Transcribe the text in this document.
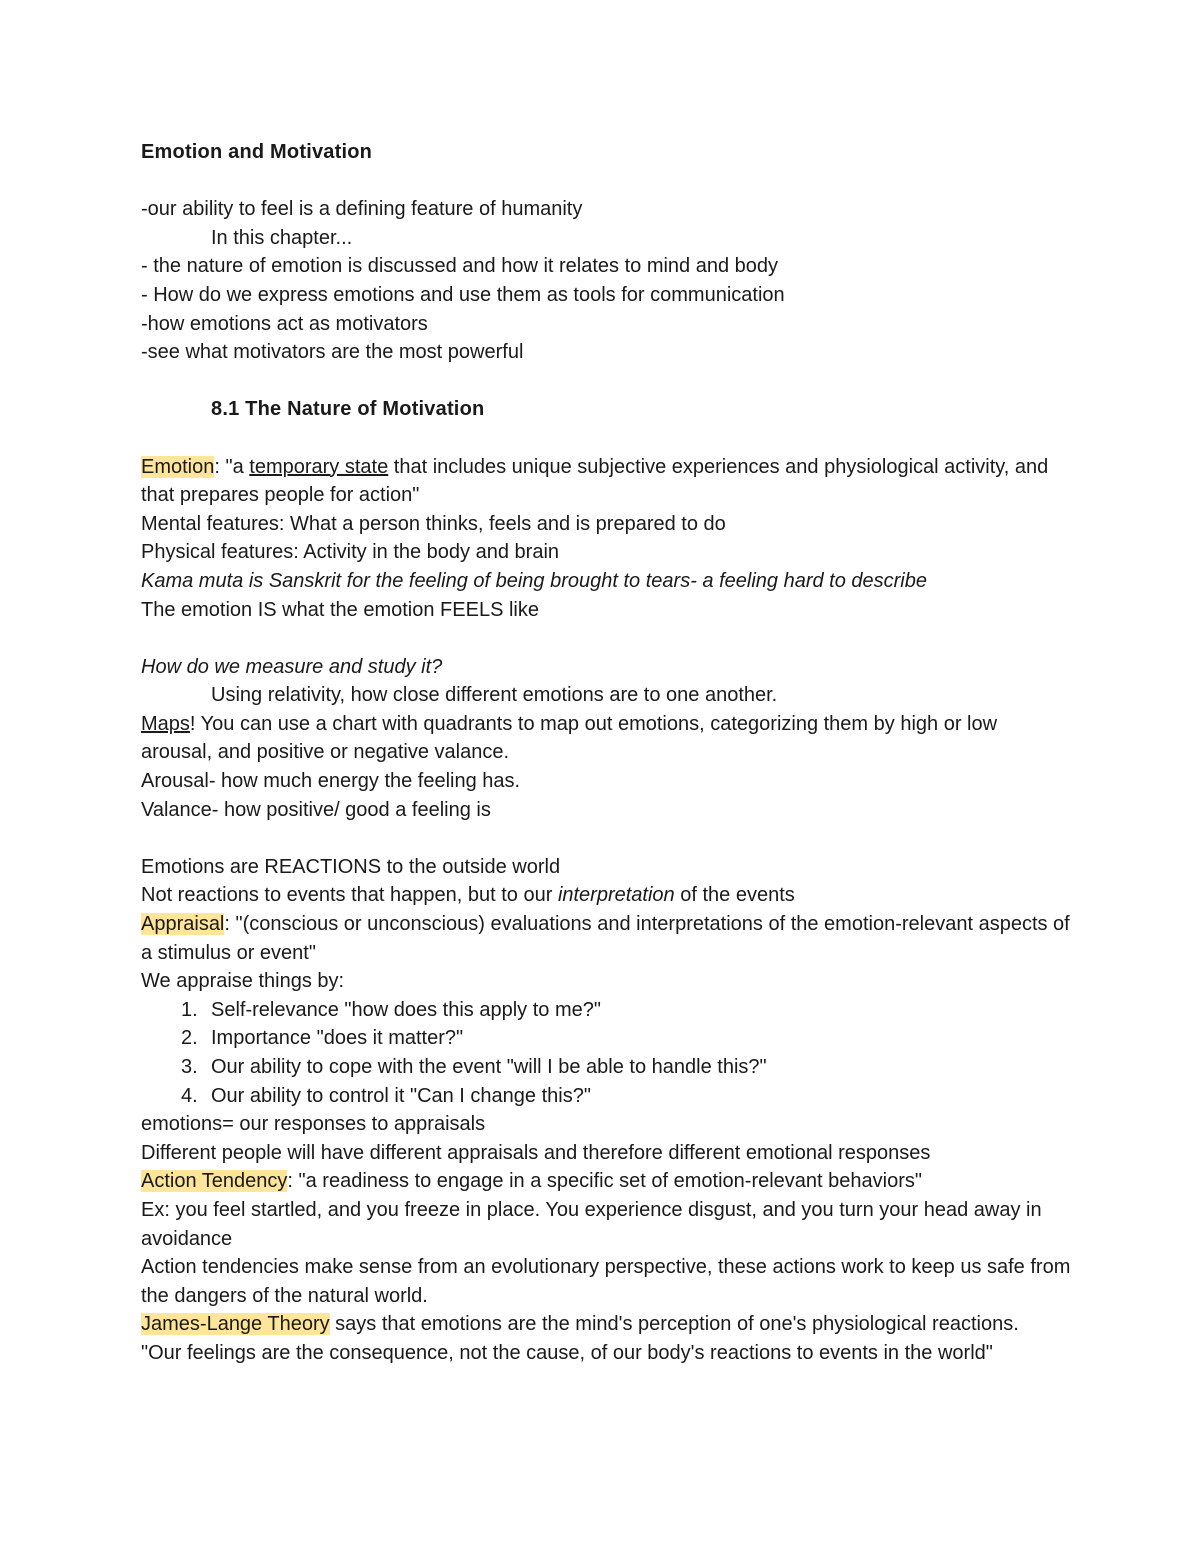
Emotion and Motivation
-our ability to feel is a defining feature of humanity
In this chapter...
- the nature of emotion is discussed and how it relates to mind and body
- How do we express emotions and use them as tools for communication
-how emotions act as motivators
-see what motivators are the most powerful
8.1 The Nature of Motivation
Emotion: "a temporary state that includes unique subjective experiences and physiological activity, and that prepares people for action"
Mental features: What a person thinks, feels and is prepared to do
Physical features: Activity in the body and brain
Kama muta is Sanskrit for the feeling of being brought to tears- a feeling hard to describe
The emotion IS what the emotion FEELS like
How do we measure and study it?
Using relativity, how close different emotions are to one another.
Maps! You can use a chart with quadrants to map out emotions, categorizing them by high or low arousal, and positive or negative valance.
Arousal- how much energy the feeling has.
Valance- how positive/ good a feeling is
Emotions are REACTIONS to the outside world
Not reactions to events that happen, but to our interpretation of the events
Appraisal: "(conscious or unconscious) evaluations and interpretations of the emotion-relevant aspects of a stimulus or event"
We appraise things by:
1. Self-relevance "how does this apply to me?"
2. Importance "does it matter?"
3. Our ability to cope with the event "will I be able to handle this?"
4. Our ability to control it "Can I change this?"
emotions= our responses to appraisals
Different people will have different appraisals and therefore different emotional responses
Action Tendency: "a readiness to engage in a specific set of emotion-relevant behaviors"
Ex: you feel startled, and you freeze in place. You experience disgust, and you turn your head away in avoidance
Action tendencies make sense from an evolutionary perspective, these actions work to keep us safe from the dangers of the natural world.
James-Lange Theory says that emotions are the mind's perception of one's physiological reactions.
"Our feelings are the consequence, not the cause, of our body's reactions to events in the world"
